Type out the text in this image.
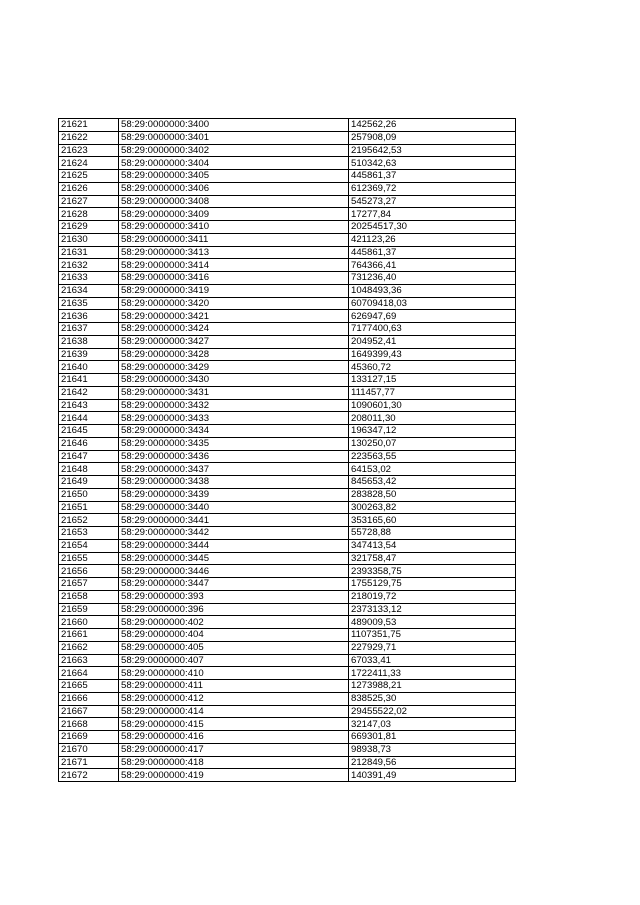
21621	58:29:0000000:3400	142562,26
21622	58:29:0000000:3401	257908,09
21623	58:29:0000000:3402	2195642,53
21624	58:29:0000000:3404	510342,63
21625	58:29:0000000:3405	445861,37
21626	58:29:0000000:3406	612369,72
21627	58:29:0000000:3408	545273,27
21628	58:29:0000000:3409	17277,84
21629	58:29:0000000:3410	20254517,30
21630	58:29:0000000:3411	421123,26
21631	58:29:0000000:3413	445861,37
21632	58:29:0000000:3414	764366,41
21633	58:29:0000000:3416	731236,40
21634	58:29:0000000:3419	1048493,36
21635	58:29:0000000:3420	60709418,03
21636	58:29:0000000:3421	626947,69
21637	58:29:0000000:3424	7177400,63
21638	58:29:0000000:3427	204952,41
21639	58:29:0000000:3428	1649399,43
21640	58:29:0000000:3429	45360,72
21641	58:29:0000000:3430	133127,15
21642	58:29:0000000:3431	111457,77
21643	58:29:0000000:3432	1090601,30
21644	58:29:0000000:3433	208011,30
21645	58:29:0000000:3434	196347,12
21646	58:29:0000000:3435	130250,07
21647	58:29:0000000:3436	223563,55
21648	58:29:0000000:3437	64153,02
21649	58:29:0000000:3438	845653,42
21650	58:29:0000000:3439	283828,50
21651	58:29:0000000:3440	300263,82
21652	58:29:0000000:3441	353165,60
21653	58:29:0000000:3442	55728,88
21654	58:29:0000000:3444	347413,54
21655	58:29:0000000:3445	321758,47
21656	58:29:0000000:3446	2393358,75
21657	58:29:0000000:3447	1755129,75
21658	58:29:0000000:393	218019,72
21659	58:29:0000000:396	2373133,12
21660	58:29:0000000:402	489009,53
21661	58:29:0000000:404	1107351,75
21662	58:29:0000000:405	227929,71
21663	58:29:0000000:407	67033,41
21664	58:29:0000000:410	1722411,33
21665	58:29:0000000:411	1273988,21
21666	58:29:0000000:412	838525,30
21667	58:29:0000000:414	29455522,02
21668	58:29:0000000:415	32147,03
21669	58:29:0000000:416	669301,81
21670	58:29:0000000:417	98938,73
21671	58:29:0000000:418	212849,56
21672	58:29:0000000:419	140391,49
